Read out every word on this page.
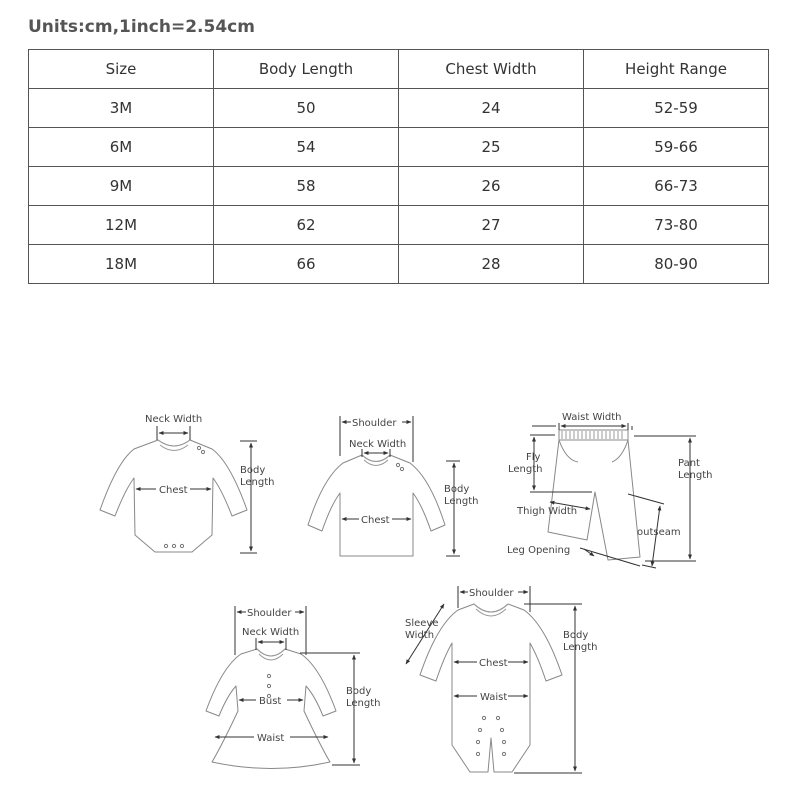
Units:cm,1inch=2.54cm
Size	Body Length	Chest Width	Height Range
3M	50	24	52-59
6M	54	25	59-66
9M	58	26	66-73
12M	62	27	73-80
18M	66	28	80-90
Neck Width
Chest
Body
Length
Shoulder
Neck Width
Chest
Body
Length
Waist Width
Fly
Length
Pant
Length
Thigh Width
outseam
Leg Opening
Shoulder
Neck Width
Bust
Waist
Body
Length
Shoulder
Sleeve
Width
Chest
Waist
Body
Length
